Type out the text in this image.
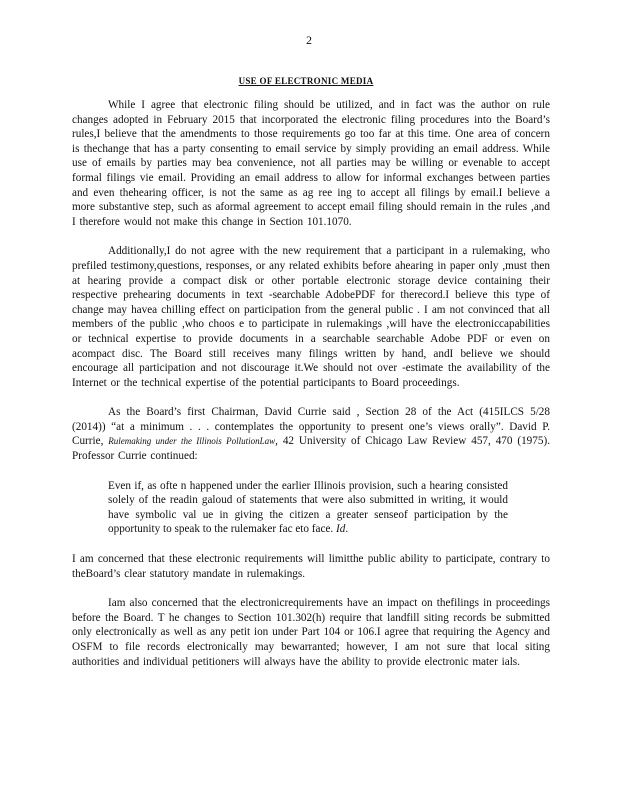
2
USE OF ELECTRONIC MEDIA

While I agree that electronic filing should be utilized, and in fact was the author on rule changes adopted in February 2015 that incorporated the electronic filing procedures into the Board’s rules,I believe that the amendments to those requirements go too far at this time. One area of concern is thechange that has a party consenting to email service by simply providing an email address. While use of emails by parties may bea convenience, not all parties may be willing or evenable to accept formal filings vie email. Providing an email address to allow for informal exchanges between parties and even thehearing officer, is not the same as ag ree ing to accept all filings by email.I believe a more substantive step, such as aformal agreement to accept email filing should remain in the rules ,and I therefore would not make this change in Section 101.1070.

Additionally,I do not agree with the new requirement that a participant in a rulemaking, who prefiled testimony,questions, responses, or any related exhibits before ahearing in paper only ,must then at hearing provide a compact disk or other portable electronic storage device containing their respective prehearing documents in text -searchable AdobePDF for therecord.I believe this type of change may havea chilling effect on participation from the general public . I am not convinced that all members of the public ,who choos e to participate in rulemakings ,will have the electroniccapabilities or technical expertise to provide documents in a searchable searchable Adobe PDF or even on acompact disc. The Board still receives many filings written by hand, andI believe we should encourage all participation and not discourage it.We should not over -estimate the availability of the Internet or the technical expertise of the potential participants to Board proceedings.

As the Board’s first Chairman, David Currie said , Section 28 of the Act (415ILCS 5/28 (2014)) “at a minimum . . . contemplates the opportunity to present one’s views orally”. David P. Currie, Rulemaking under the Illinois PollutionLaw, 42 University of Chicago Law Review 457, 470 (1975). Professor Currie continued:

Even if, as ofte n happened under the earlier Illinois provision, such a hearing consisted solely of the readin galoud of statements that were also submitted in writing, it would have symbolic val ue in giving the citizen a greater senseof participation by the opportunity to speak to the rulemaker fac eto face. Id.

I am concerned that these electronic requirements will limitthe public ability to participate, contrary to theBoard’s clear statutory mandate in rulemakings.

Iam also concerned that the electronicrequirements have an impact on thefilings in proceedings before the Board. T he changes to Section 101.302(h) require that landfill siting records be submitted only electronically as well as any petit ion under Part 104 or 106.I agree that requiring the Agency and OSFM to file records electronically may bewarranted; however, I am not sure that local siting authorities and individual petitioners will always have the ability to provide electronic mater ials.
